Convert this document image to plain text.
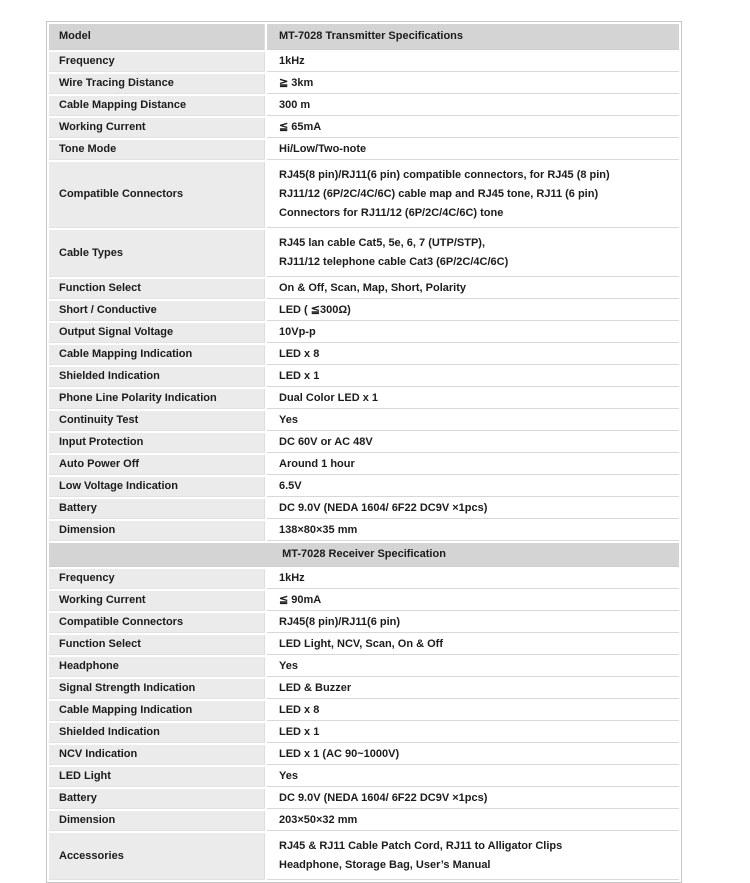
Model	MT-7028 Transmitter Specifications
Frequency	1kHz

Wire Tracing Distance	≧ 3km

Cable Mapping Distance	300 m

Working Current	≦ 65mA

Tone Mode	Hi/Low/Two-note

Compatible Connectors	RJ45(8 pin)/RJ11(6 pin) compatible connectors, for RJ45 (8 pin)
RJ11/12 (6P/2C/4C/6C) cable map and RJ45 tone, RJ11 (6 pin)
Connectors for RJ11/12 (6P/2C/4C/6C) tone

Cable Types	RJ45 lan cable Cat5, 5e, 6, 7 (UTP/STP),
RJ11/12 telephone cable Cat3 (6P/2C/4C/6C)

Function Select	On & Off, Scan, Map, Short, Polarity

Short / Conductive	LED ( ≦300Ω)

Output Signal Voltage	10Vp-p

Cable Mapping Indication	LED x 8

Shielded Indication	LED x 1

Phone Line Polarity Indication	Dual Color LED x 1

Continuity Test	Yes

Input Protection	DC 60V or AC 48V

Auto Power Off	Around 1 hour

Low Voltage Indication	6.5V

Battery	DC 9.0V (NEDA 1604/ 6F22 DC9V ×1pcs)

Dimension	138×80×35 mm

MT-7028 Receiver Specification	
Frequency	1kHz

Working Current	≦ 90mA

Compatible Connectors	RJ45(8 pin)/RJ11(6 pin)

Function Select	LED Light, NCV, Scan, On & Off

Headphone	Yes

Signal Strength Indication	LED & Buzzer

Cable Mapping Indication	LED x 8

Shielded Indication	LED x 1

NCV Indication	LED x 1 (AC 90~1000V)

LED Light	Yes

Battery	DC 9.0V (NEDA 1604/ 6F22 DC9V ×1pcs)

Dimension	203×50×32 mm

Accessories	RJ45 & RJ11 Cable Patch Cord, RJ11 to Alligator Clips
Headphone, Storage Bag, User’s Manual
